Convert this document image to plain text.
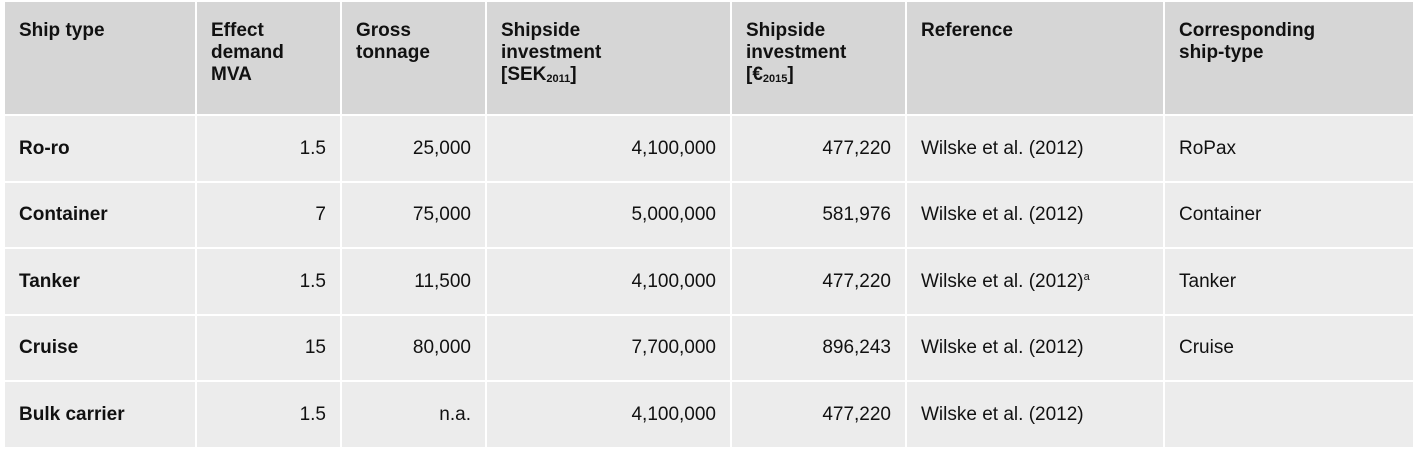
Ship type	Effect demand MVA	Gross tonnage	Shipside investment $[SEK_{2011}]$	Shipside investment $[€_{2015}]$	Reference	Corresponding ship-type

Ro-ro	1.5	25,000	4,100,000	477,220	Wilske et al. (2012)	RoPax
Container	7	75,000	5,000,000	581,976	Wilske et al. (2012)	Container
Tanker	1.5	11,500	4,100,000	477,220	Wilske et al. $(2012)^a$	Tanker
Cruise	15	80,000	7,700,000	896,243	Wilske et al. (2012)	Cruise
Bulk carrier	1.5	n.a.	4,100,000	477,220	Wilske et al. (2012)	
